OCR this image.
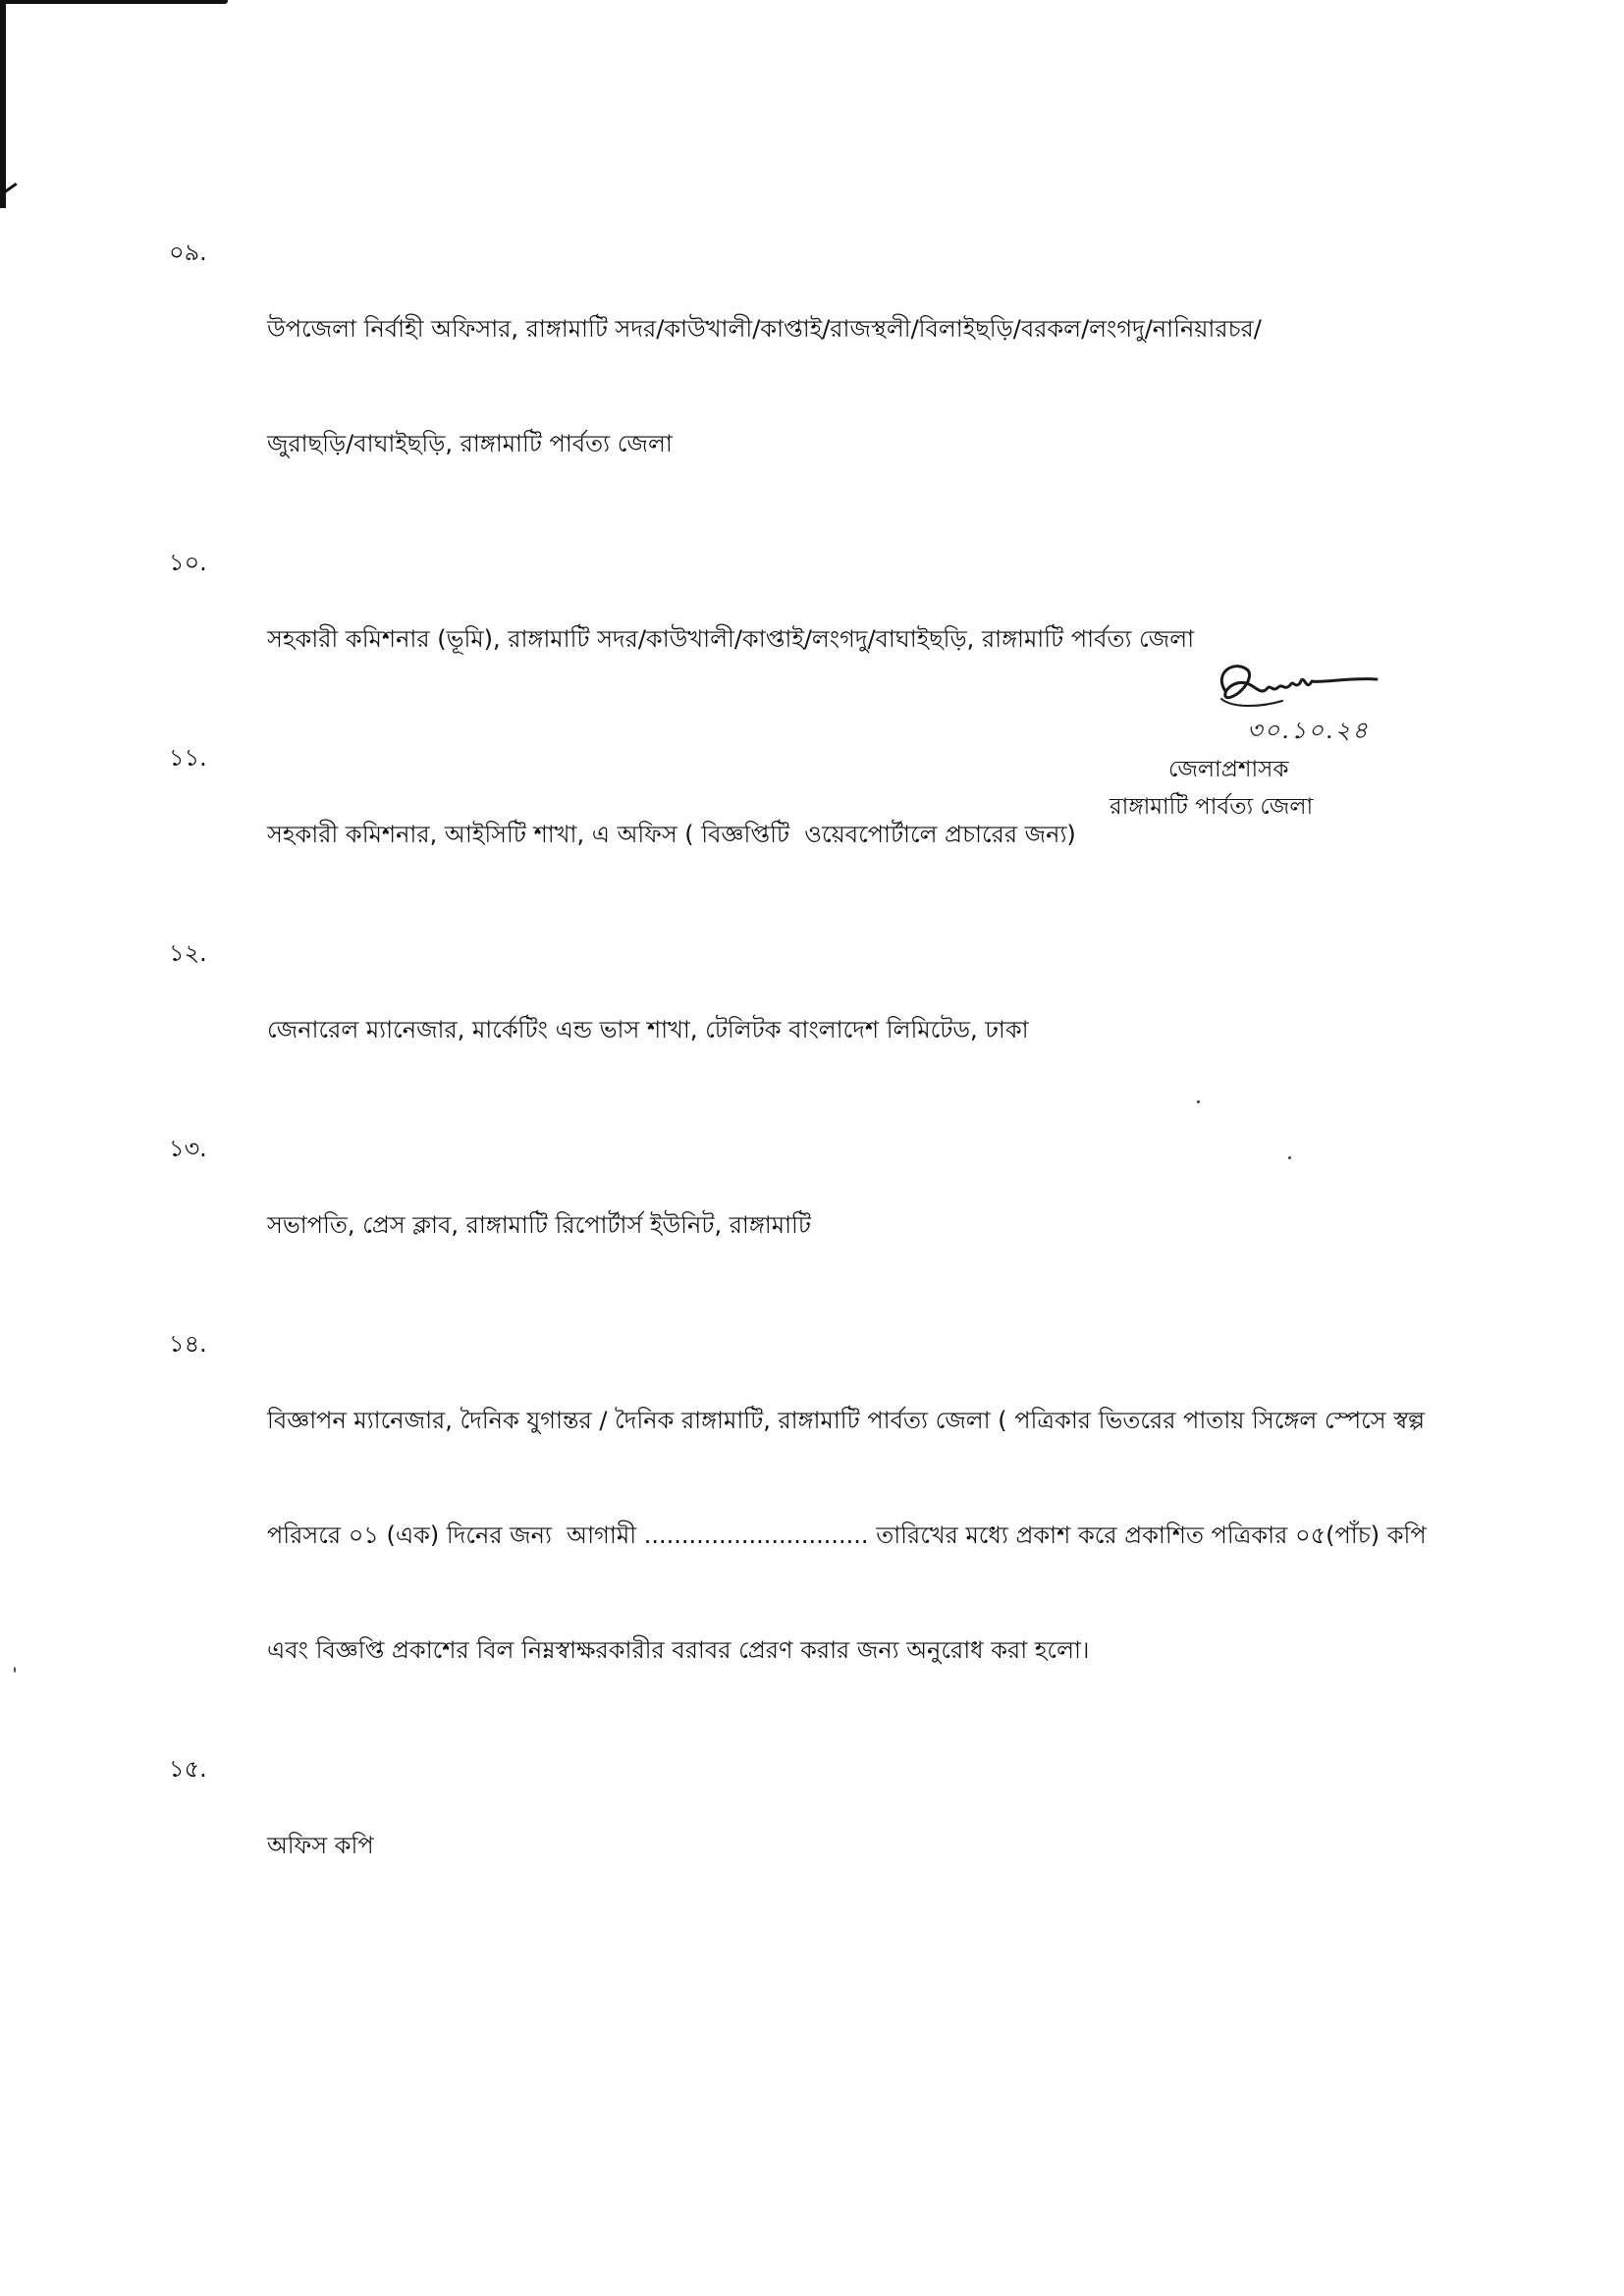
০৯.

উপজেলা নির্বাহী অফিসার, রাঙ্গামাটি সদর/কাউখালী/কাপ্তাই/রাজস্থলী/বিলাইছড়ি/বরকল/লংগদু/নানিয়ারচর/

জুরাছড়ি/বাঘাইছড়ি, রাঙ্গামাটি পার্বত্য জেলা

১০.

সহকারী কমিশনার (ভূমি), রাঙ্গামাটি সদর/কাউখালী/কাপ্তাই/লংগদু/বাঘাইছড়ি, রাঙ্গামাটি পার্বত্য জেলা

১১.

সহকারী কমিশনার, আইসিটি শাখা, এ অফিস ( বিজ্ঞপ্তিটি  ওয়েবপোর্টালে প্রচারের জন্য)

১২.

জেনারেল ম্যানেজার, মার্কেটিং এন্ড ভাস শাখা, টেলিটক বাংলাদেশ লিমিটেড, ঢাকা

১৩.

সভাপতি, প্রেস ক্লাব, রাঙ্গামাটি রিপোর্টার্স ইউনিট, রাঙ্গামাটি

১৪.

বিজ্ঞাপন ম্যানেজার, দৈনিক যুগান্তর / দৈনিক রাঙ্গামাটি, রাঙ্গামাটি পার্বত্য জেলা ( পত্রিকার ভিতরের পাতায় সিঙ্গেল স্পেসে স্বল্প

পরিসরে ০১ (এক) দিনের জন্য  আগামী .............................. তারিখের মধ্যে প্রকাশ করে প্রকাশিত পত্রিকার ০৫(পাঁচ) কপি

এবং বিজ্ঞপ্তি প্রকাশের বিল নিম্নস্বাক্ষরকারীর বরাবর প্রেরণ করার জন্য অনুরোধ করা হলো।

১৫.

অফিস কপি

৩০.১০.২৪
জেলাপ্রশাসক
রাঙ্গামাটি পার্বত্য জেলা
